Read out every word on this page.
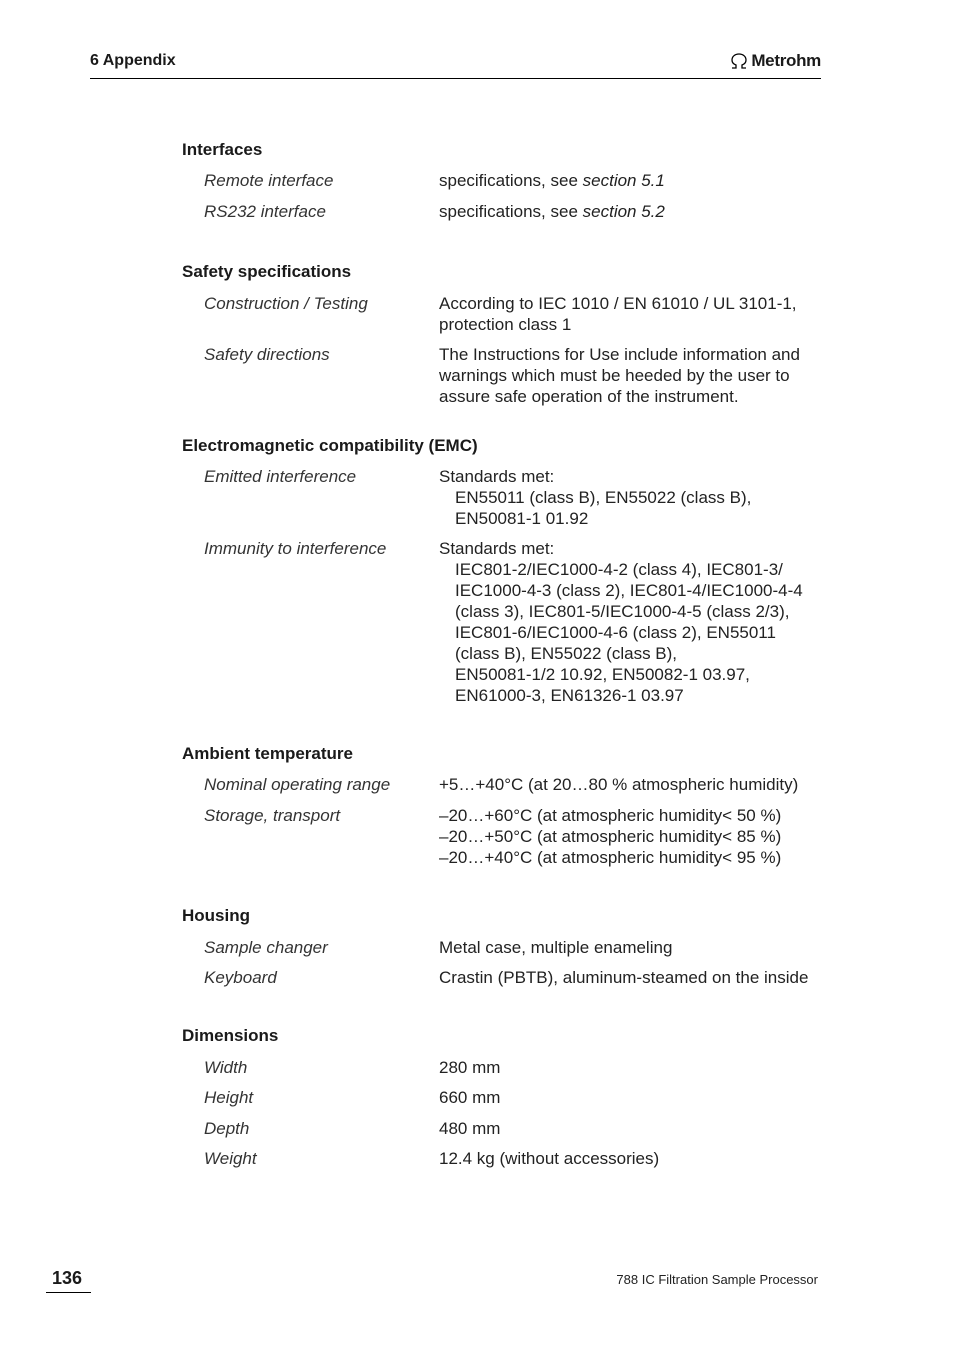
6 Appendix	Metrohm
Interfaces
Remote interface	specifications, see section 5.1
RS232 interface	specifications, see section 5.2
Safety specifications
Construction / Testing	According to IEC 1010 / EN 61010 / UL 3101-1,
protection class 1
Safety directions	The Instructions for Use include information and
warnings which must be heeded by the user to
assure safe operation of the instrument.
Electromagnetic compatibility (EMC)
Emitted interference	Standards met:
EN55011 (class B), EN55022 (class B),
EN50081-1 01.92
Immunity to interference	Standards met:
IEC801-2/IEC1000-4-2 (class 4), IEC801-3/
IEC1000-4-3 (class 2), IEC801-4/IEC1000-4-4
(class 3), IEC801-5/IEC1000-4-5 (class 2/3),
IEC801-6/IEC1000-4-6 (class 2), EN55011
(class B), EN55022 (class B),
EN50081-1/2 10.92, EN50082-1 03.97,
EN61000-3, EN61326-1 03.97
Ambient temperature
Nominal operating range	+5…+40°C (at 20…80 % atmospheric humidity)
Storage, transport	–20…+60°C (at atmospheric humidity< 50 %)
–20…+50°C (at atmospheric humidity< 85 %)
–20…+40°C (at atmospheric humidity< 95 %)
Housing
Sample changer	Metal case, multiple enameling
Keyboard	Crastin (PBTB), aluminum-steamed on the inside
Dimensions
Width	280 mm
Height	660 mm
Depth	480 mm
Weight	12.4 kg (without accessories)
136	788 IC Filtration Sample Processor
